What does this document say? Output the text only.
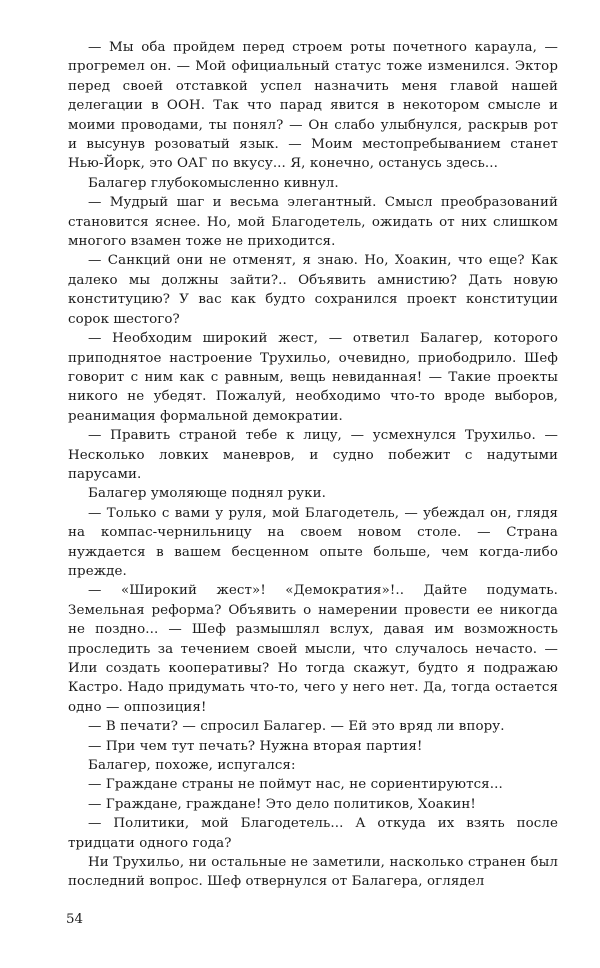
— Мы оба пройдем перед строем роты почетного караула, — прогремел он. — Мой официальный статус тоже изменился. Эктор перед своей отставкой успел назначить меня главой нашей делегации в ООН. Так что парад явится в некотором смысле и моими проводами, ты понял? — Он слабо улыбнулся, раскрыв рот и высунув розоватый язык. — Моим местопребыванием станет Нью-Йорк, это ОАГ по вкусу... Я, конечно, останусь здесь...

Балагер глубокомысленно кивнул.

— Мудрый шаг и весьма элегантный. Смысл преобразований становится яснее. Но, мой Благодетель, ожидать от них слишком многого взамен тоже не приходится.

— Санкций они не отменят, я знаю. Но, Хоакин, что еще? Как далеко мы должны зайти?.. Объявить амнистию? Дать новую конституцию? У вас как будто сохранился проект конституции сорок шестого?

— Необходим широкий жест, — ответил Балагер, которого приподнятое настроение Трухильо, очевидно, приободрило. Шеф говорит с ним как с равным, вещь невиданная! — Такие проекты никого не убедят. Пожалуй, необходимо что-то вроде выборов, реанимация формальной демократии.

— Править страной тебе к лицу, — усмехнулся Трухильо. — Несколько ловких маневров, и судно побежит с надутыми парусами.

Балагер умоляюще поднял руки.

— Только с вами у руля, мой Благодетель, — убеждал он, глядя на компас-чернильницу на своем новом столе. — Страна нуждается в вашем бесценном опыте больше, чем когда-либо прежде.

— «Широкий жест»! «Демократия»!.. Дайте подумать. Земельная реформа? Объявить о намерении провести ее никогда не поздно... — Шеф размышлял вслух, давая им возможность проследить за течением своей мысли, что случалось нечасто. — Или создать кооперативы? Но тогда скажут, будто я подражаю Кастро. Надо придумать что-то, чего у него нет. Да, тогда остается одно — оппозиция!

— В печати? — спросил Балагер. — Ей это вряд ли впору.

— При чем тут печать? Нужна вторая партия!

Балагер, похоже, испугался:

— Граждане страны не поймут нас, не сориентируются...

— Граждане, граждане! Это дело политиков, Хоакин!

— Политики, мой Благодетель... А откуда их взять после тридцати одного года?

Ни Трухильо, ни остальные не заметили, насколько странен был последний вопрос. Шеф отвернулся от Балагера, оглядел

54
